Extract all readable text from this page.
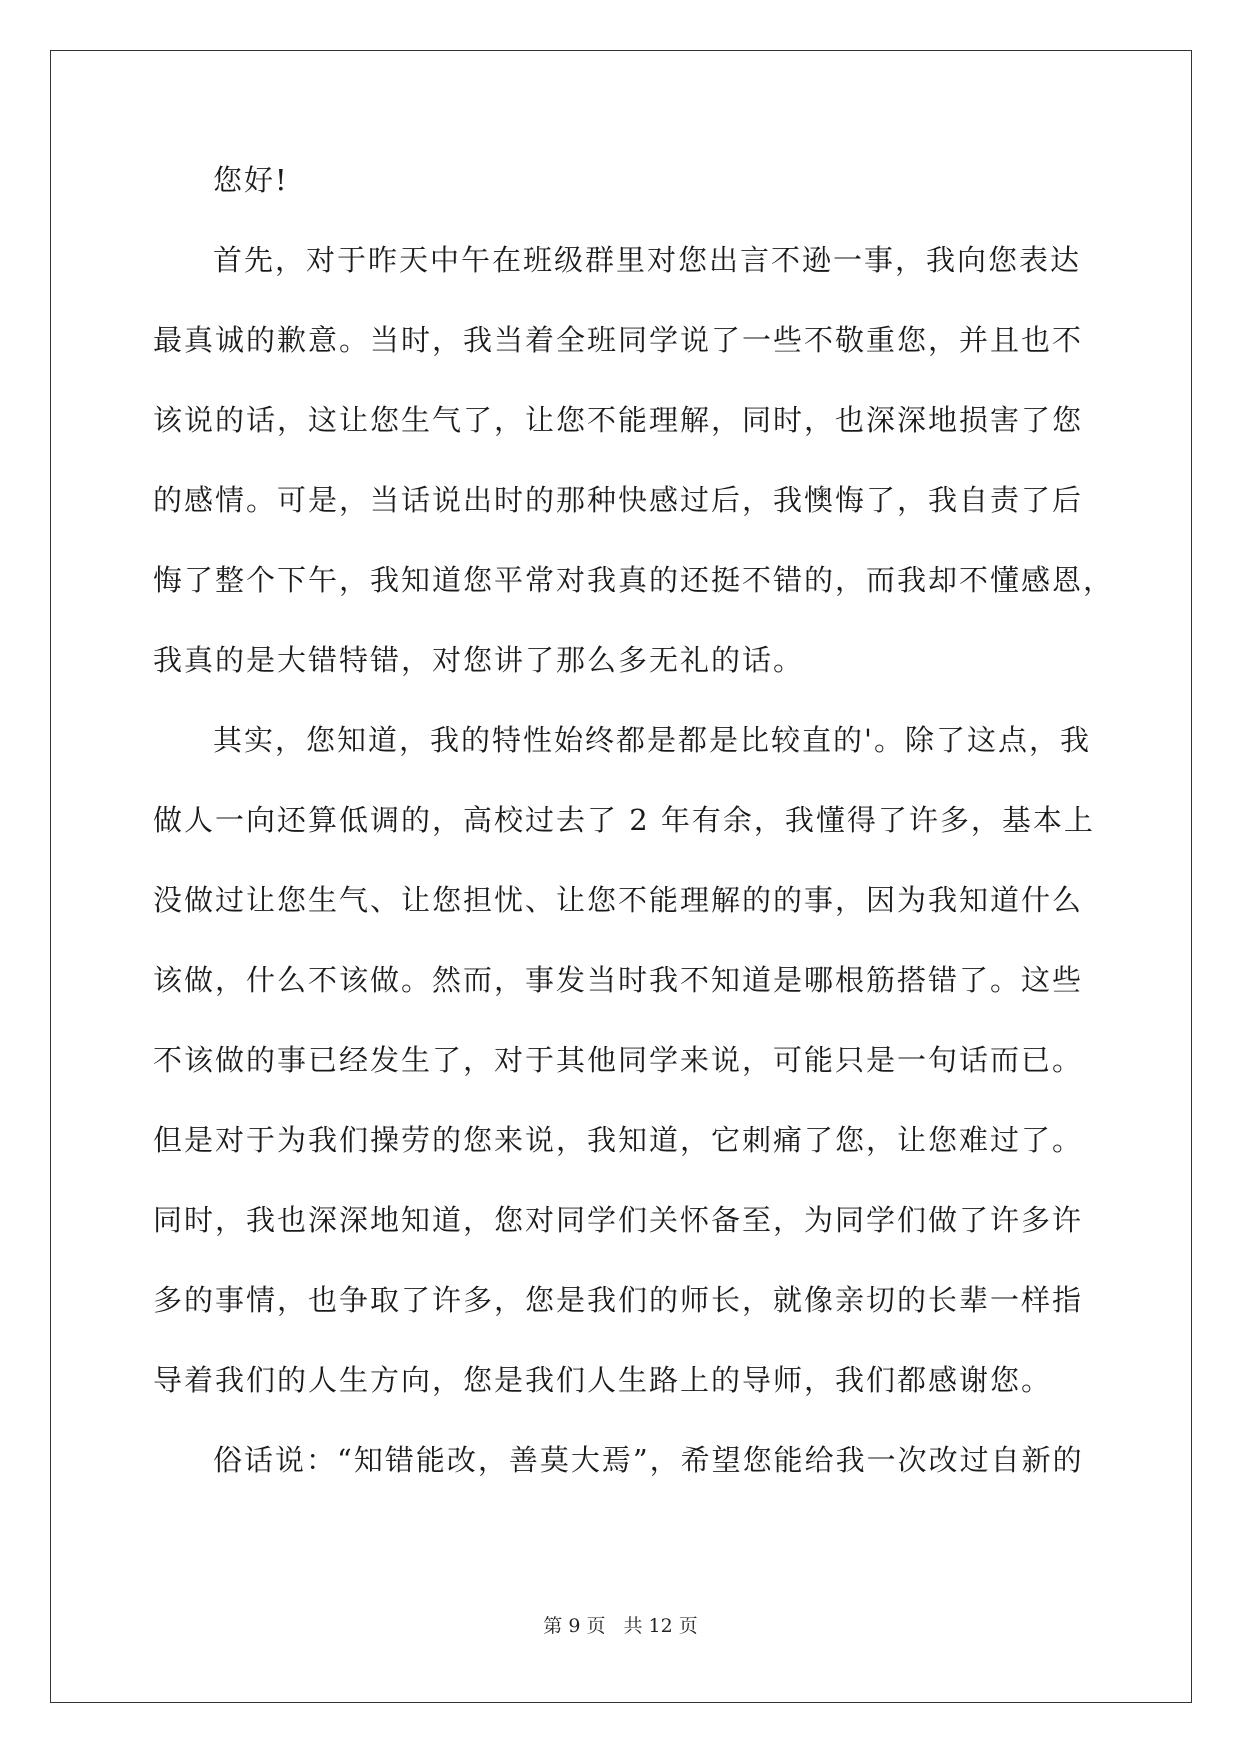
您好!
首先，对于昨天中午在班级群里对您出言不逊一事，我向您表达
最真诚的歉意。当时，我当着全班同学说了一些不敬重您，并且也不
该说的话，这让您生气了，让您不能理解，同时，也深深地损害了您
的感情。可是，当话说出时的那种快感过后，我懊悔了，我自责了后
悔了整个下午，我知道您平常对我真的还挺不错的，而我却不懂感恩，
我真的是大错特错，对您讲了那么多无礼的话。
其实，您知道，我的特性始终都是都是比较直的'。除了这点，我
做人一向还算低调的，高校过去了 2 年有余，我懂得了许多，基本上
没做过让您生气、让您担忧、让您不能理解的的事，因为我知道什么
该做，什么不该做。然而，事发当时我不知道是哪根筋搭错了。这些
不该做的事已经发生了，对于其他同学来说，可能只是一句话而已。
但是对于为我们操劳的您来说，我知道，它刺痛了您，让您难过了。
同时，我也深深地知道，您对同学们关怀备至，为同学们做了许多许
多的事情，也争取了许多，您是我们的师长，就像亲切的长辈一样指
导着我们的人生方向，您是我们人生路上的导师，我们都感谢您。
俗话说：“知错能改，善莫大焉”，希望您能给我一次改过自新的
第 9 页 共 12 页
